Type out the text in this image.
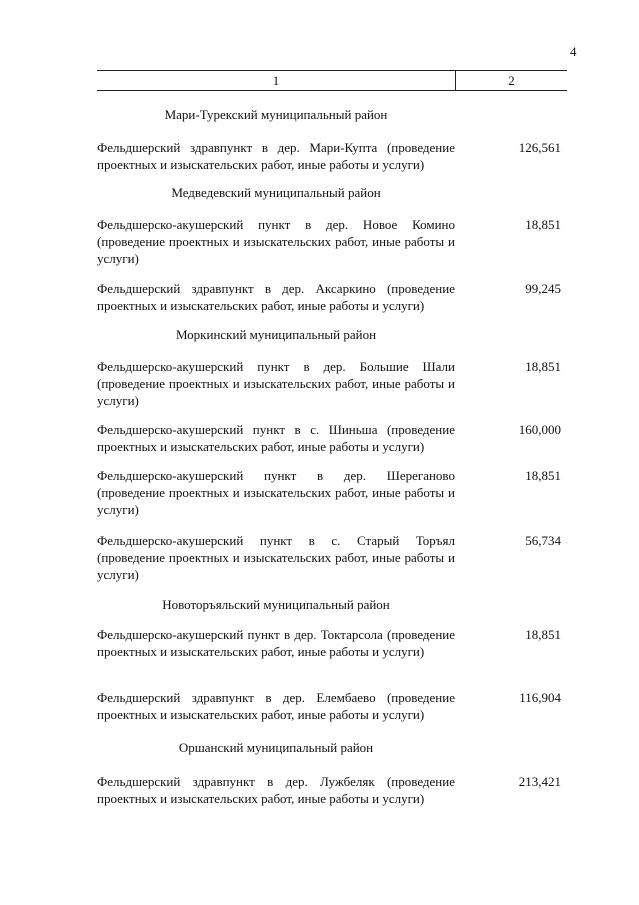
4
1	2
Мари-Турекский муниципальный район
Фельдшерский здравпункт в дер. Мари-Купта (проведение проектных и изыскательских работ, иные работы и услуги)
126,561
Медведевский муниципальный район
Фельдшерско-акушерский пункт в дер. Новое Комино (проведение проектных и изыскательских работ, иные работы и услуги)
18,851
Фельдшерский здравпункт в дер. Аксаркино (проведение проектных и изыскательских работ, иные работы и услуги)
99,245
Моркинский муниципальный район
Фельдшерско-акушерский пункт в дер. Большие Шали (проведение проектных и изыскательских работ, иные работы и услуги)
18,851
Фельдшерско-акушерский пункт в с. Шиньша (проведение проектных и изыскательских работ, иные работы и услуги)
160,000
Фельдшерско-акушерский пункт в дер. Шереганово (проведение проектных и изыскательских работ, иные работы и услуги)
18,851
Фельдшерско-акушерский пункт в с. Старый Торъял (проведение проектных и изыскательских работ, иные работы и услуги)
56,734
Новоторъяльский муниципальный район
Фельдшерско-акушерский пункт в дер. Токтарсола (проведение проектных и изыскательских работ, иные работы и услуги)
18,851
Фельдшерский здравпункт в дер. Елембаево (проведение проектных и изыскательских работ, иные работы и услуги)
116,904
Оршанский муниципальный район
Фельдшерский здравпункт в дер. Лужбеляк (проведение проектных и изыскательских работ, иные работы и услуги)
213,421
